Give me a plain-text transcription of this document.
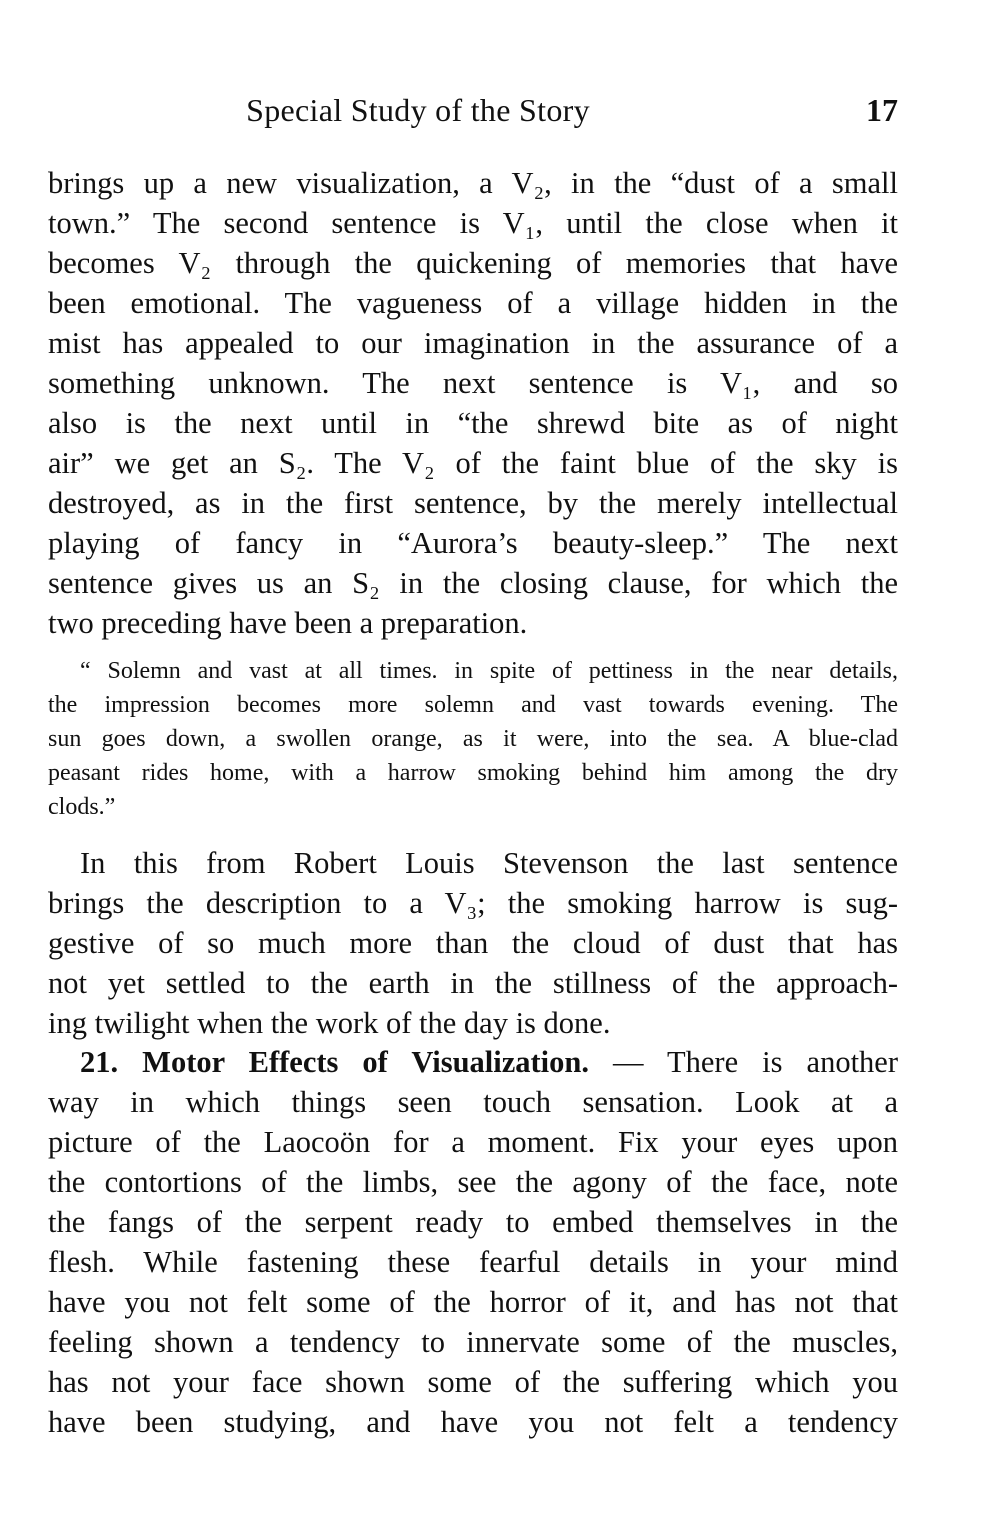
Special Study of the Story	17
brings up a new visualization, a V₂, in the “dust of a small
town.” The second sentence is V₁, until the close when it
becomes V₂ through the quickening of memories that have
been emotional. The vagueness of a village hidden in the
mist has appealed to our imagination in the assurance of a
something unknown. The next sentence is V₁, and so
also is the next until in “the shrewd bite as of night
air” we get an S₂. The V₂ of the faint blue of the sky is
destroyed, as in the first sentence, by the merely intellectual
playing of fancy in “Aurora’s beauty-sleep.” The next
sentence gives us an S₂ in the closing clause, for which the
two preceding have been a preparation.
“ Solemn and vast at all times. in spite of pettiness in the near details,
the impression becomes more solemn and vast towards evening. The
sun goes down, a swollen orange, as it were, into the sea. A blue-clad
peasant rides home, with a harrow smoking behind him among the dry
clods.”
In this from Robert Louis Stevenson the last sentence
brings the description to a V₃; the smoking harrow is sug-
gestive of so much more than the cloud of dust that has
not yet settled to the earth in the stillness of the approach-
ing twilight when the work of the day is done.
21. Motor Effects of Visualization. — There is another
way in which things seen touch sensation. Look at a
picture of the Laocoön for a moment. Fix your eyes upon
the contortions of the limbs, see the agony of the face, note
the fangs of the serpent ready to embed themselves in the
flesh. While fastening these fearful details in your mind
have you not felt some of the horror of it, and has not that
feeling shown a tendency to innervate some of the muscles,
has not your face shown some of the suffering which you
have been studying, and have you not felt a tendency
